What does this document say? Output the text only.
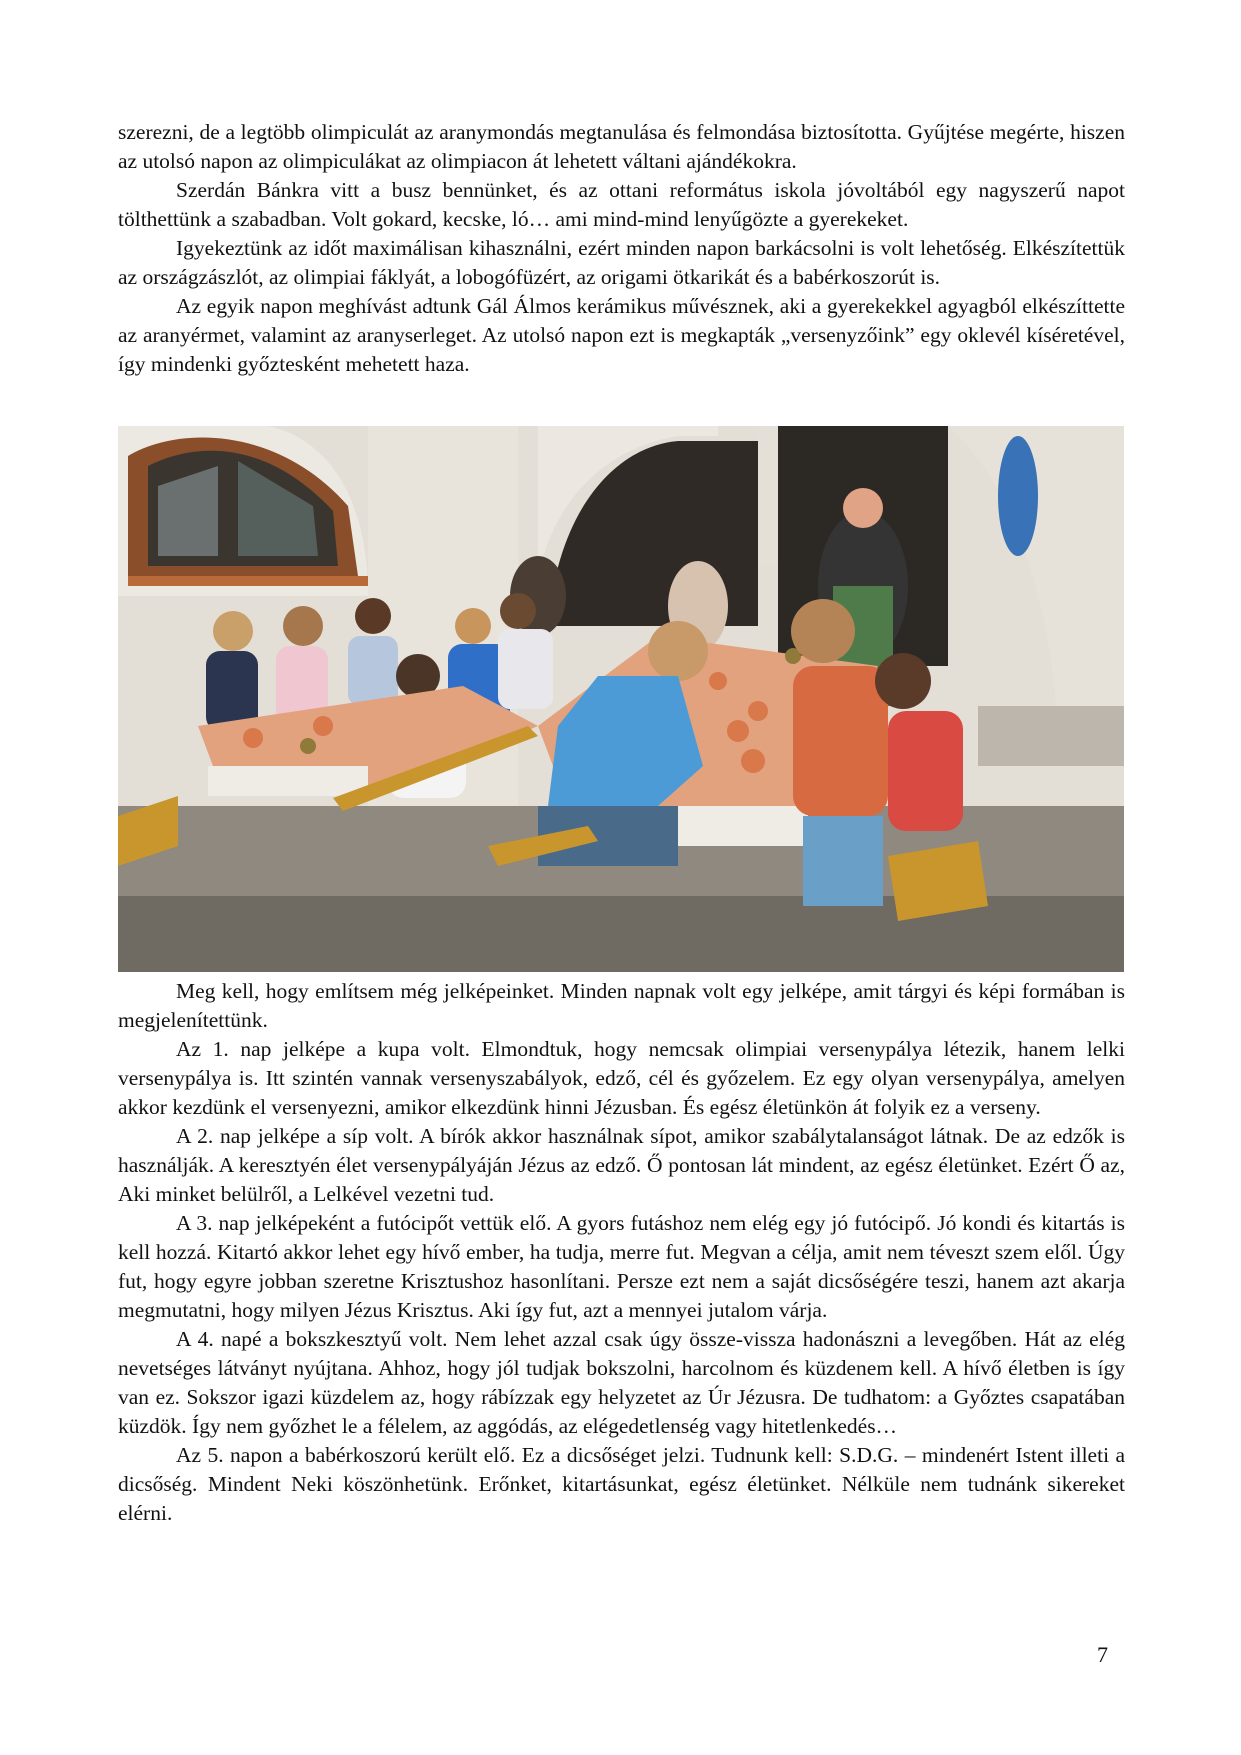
szerezni, de a legtöbb olimpiculát az aranymondás megtanulása és felmondása biztosította. Gyűjtése megérte, hiszen az utolsó napon az olimpiculákat az olimpiacon át lehetett váltani ajándékokra.

Szerdán Bánkra vitt a busz bennünket, és az ottani református iskola jóvoltából egy nagyszerű napot tölthettünk a szabadban. Volt gokard, kecske, ló… ami mind-mind lenyűgözte a gyerekeket.

Igyekeztünk az időt maximálisan kihasználni, ezért minden napon barkácsolni is volt lehetőség. Elkészítettük az országzászlót, az olimpiai fáklyát, a lobogófüzért, az origami ötkarikát és a babérkoszorút is.

Az egyik napon meghívást adtunk Gál Álmos kerámikus művésznek, aki a gyerekekkel agyagból elkészíttette az aranyérmet, valamint az aranyserleget. Az utolsó napon ezt is megkapták „versenyzőink” egy oklevél kíséretével, így mindenki győztesként mehetett haza.

Meg kell, hogy említsem még jelképeinket. Minden napnak volt egy jelképe, amit tárgyi és képi formában is megjelenítettünk.

Az 1. nap jelképe a kupa volt. Elmondtuk, hogy nemcsak olimpiai versenypálya létezik, hanem lelki versenypálya is. Itt szintén vannak versenyszabályok, edző, cél és győzelem. Ez egy olyan versenypálya, amelyen akkor kezdünk el versenyezni, amikor elkezdünk hinni Jézusban. És egész életünkön át folyik ez a verseny.

A 2. nap jelképe a síp volt. A bírók akkor használnak sípot, amikor szabálytalanságot látnak. De az edzők is használják. A keresztyén élet versenypályáján Jézus az edző. Ő pontosan lát mindent, az egész életünket. Ezért Ő az, Aki minket belülről, a Lelkével vezetni tud.

A 3. nap jelképeként a futócipőt vettük elő. A gyors futáshoz nem elég egy jó futócipő. Jó kondi és kitartás is kell hozzá. Kitartó akkor lehet egy hívő ember, ha tudja, merre fut. Megvan a célja, amit nem téveszt szem elől. Úgy fut, hogy egyre jobban szeretne Krisztushoz hasonlítani. Persze ezt nem a saját dicsőségére teszi, hanem azt akarja megmutatni, hogy milyen Jézus Krisztus. Aki így fut, azt a mennyei jutalom várja.

A 4. napé a bokszkesztyű volt. Nem lehet azzal csak úgy össze-vissza hadonászni a levegőben. Hát az elég nevetséges látványt nyújtana. Ahhoz, hogy jól tudjak bokszolni, harcolnom és küzdenem kell. A hívő életben is így van ez. Sokszor igazi küzdelem az, hogy rábízzak egy helyzetet az Úr Jézusra. De tudhatom: a Győztes csapatában küzdök. Így nem győzhet le a félelem, az aggódás, az elégedetlenség vagy hitetlenkedés…

Az 5. napon a babérkoszorú került elő. Ez a dicsőséget jelzi. Tudnunk kell: S.D.G. – mindenért Istent illeti a dicsőség. Mindent Neki köszönhetünk. Erőnket, kitartásunkat, egész életünket. Nélküle nem tudnánk sikereket elérni.

7
